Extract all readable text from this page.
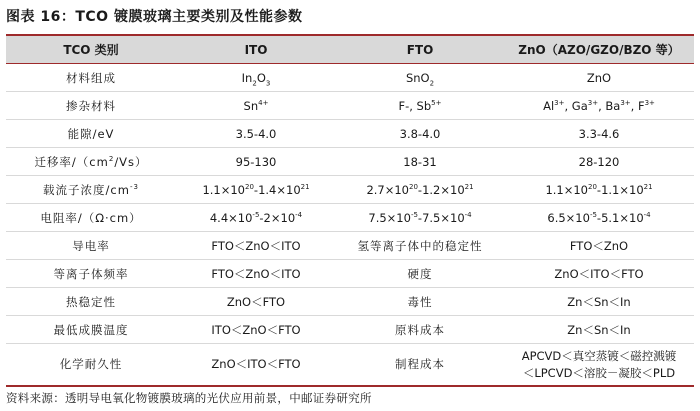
图表 16：TCO 镀膜玻璃主要类别及性能参数
TCO 类别	ITO	FTO	ZnO（AZO/GZO/BZO 等）
材料组成	$In_2O_3$	SnO$_2$	ZnO
掺杂材料	$Sn^{4+}$	F-, $Sb^{5+}$	$Al^{3+}$, $Ga^{3+}$, $Ba^{3+}$, $F^{3+}$
能隙/eV	3.5-4.0	3.8-4.0	3.3-4.6
迁移率$/(cm^2/Vs)$	95-130	18-31	28-120
载流子浓度$/cm^{-3}$	$1.1\times 10^{20}-1.4\times 10^{21}$	$2.7\times 10^{20}-1.2\times 10^{21}$	$1.1\times 10^{20}-1.1\times 10^{21}$
电阻率/（Ω·cm）	$4.4\times 10^{-5}-2\times 10^{-4}$	$7.5\times 10^{-5}-7.5\times 10^{-4}$	$6.5\times 10^{-5}-5.1\times 10^{-4}$
导电率	FTO＜ZnO＜ITO	氢等离子体中的稳定性	FTO＜ZnO
等离子体频率	FTO＜ZnO＜ITO	硬度	ZnO＜ITO＜FTO
热稳定性	ZnO＜FTO	毒性	Zn＜Sn＜In
最低成膜温度	ITO＜ZnO＜FTO	原料成本	Zn＜Sn＜In
化学耐久性	ZnO＜ITO＜FTO	制程成本	APCVD＜真空蒸镀＜磁控溅镀
＜LPCVD＜溶胶－凝胶＜PLD
资料来源：透明导电氧化物镀膜玻璃的光伏应用前景，中邮证券研究所
